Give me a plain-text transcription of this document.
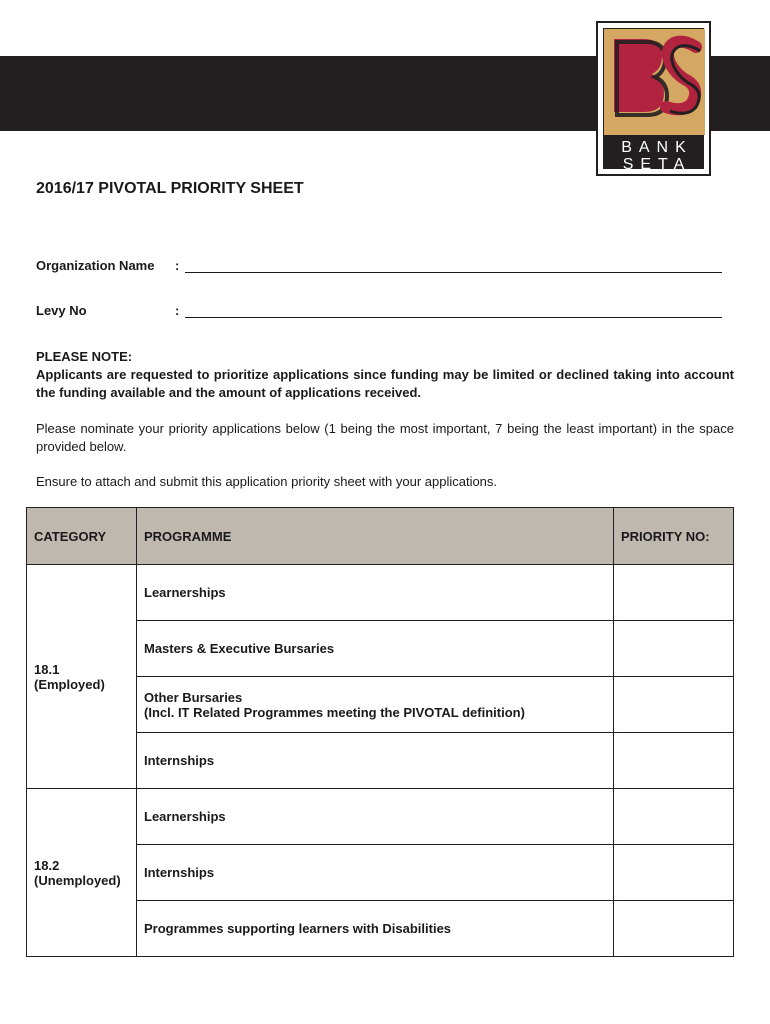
BANK
SETA
2016/17 PIVOTAL PRIORITY SHEET
Organization Name :
Levy No	:
PLEASE NOTE:
Applicants are requested to prioritize applications since funding may be limited or declined taking into account the funding available and the amount of applications received.
Please nominate your priority applications below (1 being the most important, 7 being the least important) in the space provided below.
Ensure to attach and submit this application priority sheet with your applications.
CATEGORY	PROGRAMME	PRIORITY NO:

18.1
(Employed)	Learnerships	

	Masters & Executive Bursaries	

	Other Bursaries
(Incl. IT Related Programmes meeting the PIVOTAL definition)	

	Internships	

18.2
(Unemployed)	Learnerships	

	Internships	

	Programmes supporting learners with Disabilities	
